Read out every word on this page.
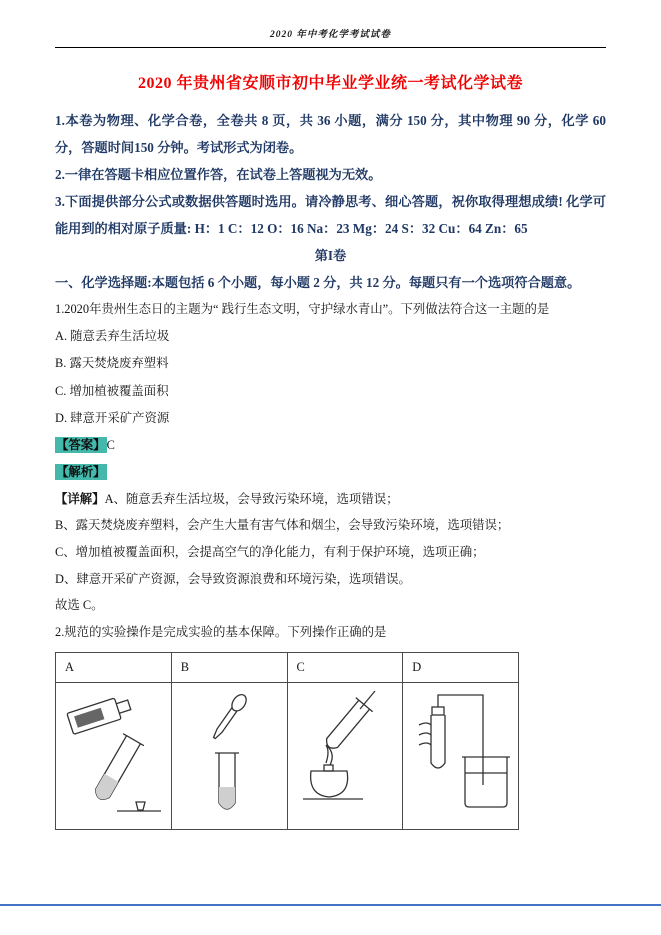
2020 年中考化学考试试卷
2020 年贵州省安顺市初中毕业学业统一考试化学试卷

1.本卷为物理、化学合卷，全卷共 8 页，共 36 小题，满分 150 分，其中物理 90 分，化学 60 分，答题时间150 分钟。考试形式为闭卷。

2.一律在答题卡相应位置作答，在试卷上答题视为无效。

3.下面提供部分公式或数据供答题时选用。请冷静思考、细心答题，祝你取得理想成绩! 化学可能用到的相对原子质量: H：1 C：12 O：16 Na：23 Mg：24 S：32 Cu：64 Zn：65

第I卷
一、化学选择题:本题包括 6 个小题，每小题 2 分，共 12 分。每题只有一个选项符合题意。
1.2020年贵州生态日的主题为“ 践行生态文明，守护绿水青山”。下列做法符合这一主题的是
A. 随意丢弃生活垃圾
B. 露天焚烧废弃塑料
C. 增加植被覆盖面积
D. 肆意开采矿产资源
【答案】C
【解析】
【详解】A、随意丢弃生活垃圾，会导致污染环境，选项错误；
B、露天焚烧废弃塑料，会产生大量有害气体和烟尘，会导致污染环境，选项错误；
C、增加植被覆盖面积，会提高空气的净化能力，有利于保护环境，选项正确；
D、肆意开采矿产资源，会导致资源浪费和环境污染，选项错误。
故选 C。
2.规范的实验操作是完成实验的基本保障。下列操作正确的是
A	B	C	D
